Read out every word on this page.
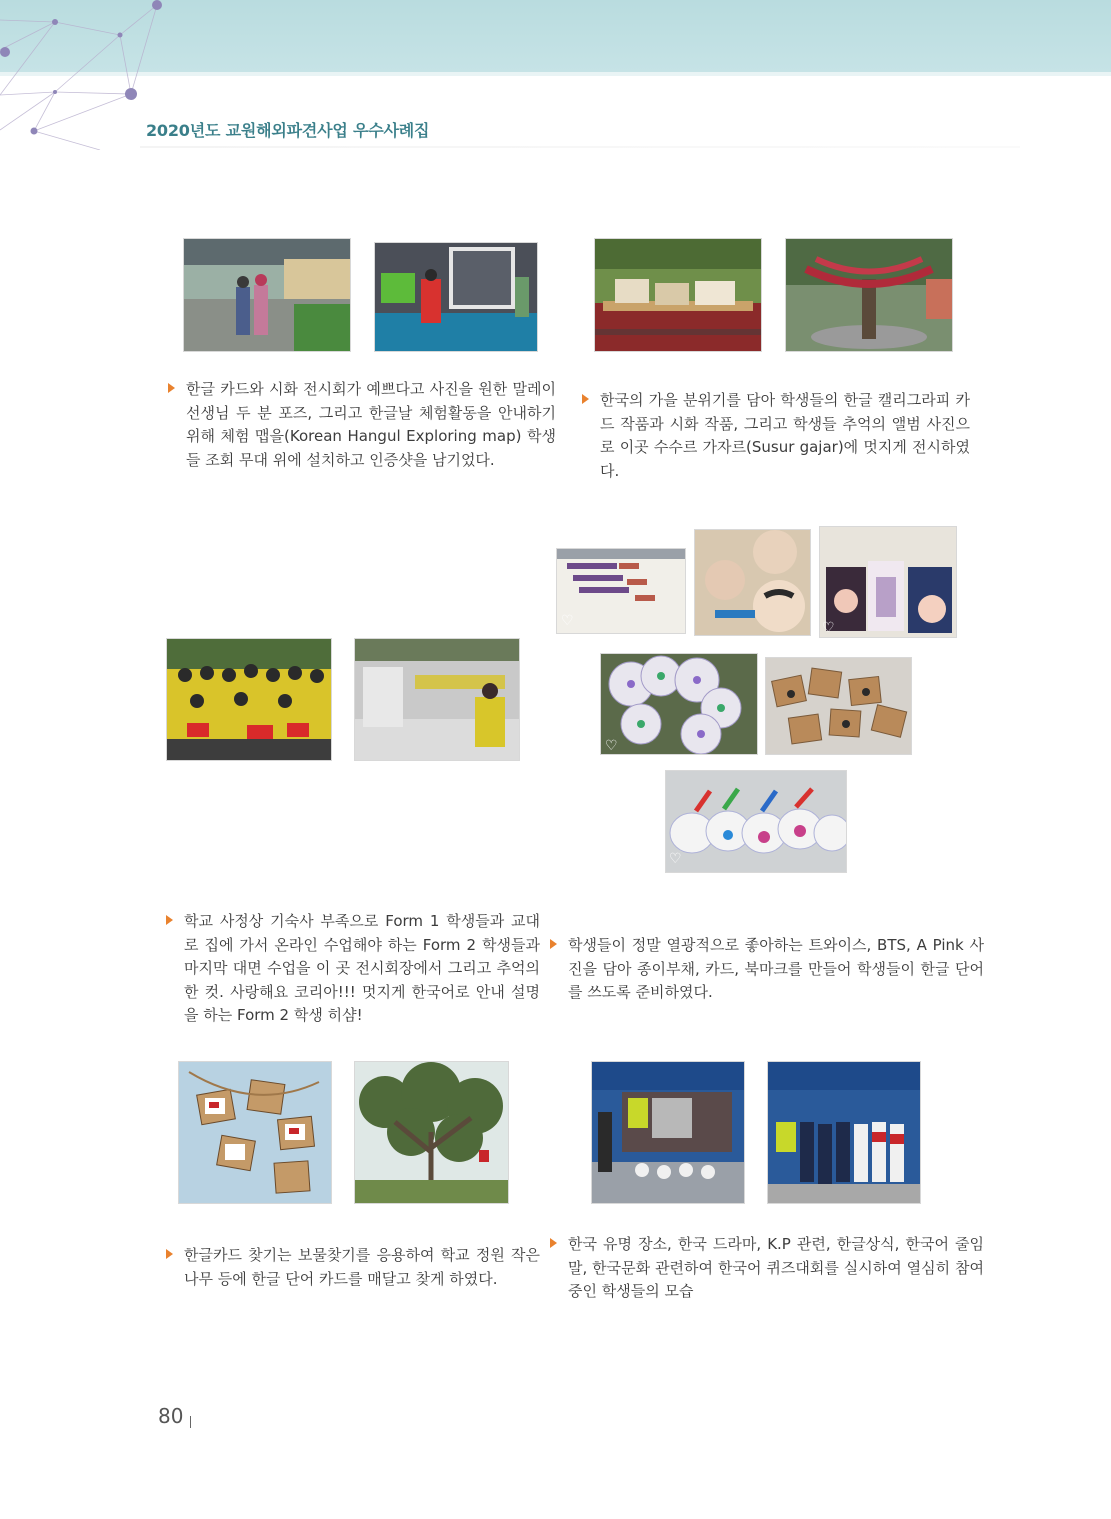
2020년도 교원해외파견사업 우수사례집
한글 카드와 시화 전시회가 예쁘다고 사진을 원한 말레이 선생님 두 분 포즈, 그리고 한글날 체험활동을 안내하기 위해 체험 맵을(Korean Hangul Exploring map) 학생들 조회 무대 위에 설치하고 인증샷을 남기었다.
한국의 가을 분위기를 담아 학생들의 한글 캘리그라피 카드 작품과 시화 작품, 그리고 학생들 추억의 앨범 사진으로 이곳 수수르 가자르(Susur gajar)에 멋지게 전시하였다.
♡	♡
♡
♡
학교 사정상 기숙사 부족으로 Form 1 학생들과 교대로 집에 가서 온라인 수업해야 하는 Form 2 학생들과 마지막 대면 수업을 이 곳 전시회장에서 그리고 추억의 한 컷. 사랑해요 코리아!!! 멋지게 한국어로 안내 설명을 하는 Form 2 학생 히샴!
학생들이 정말 열광적으로 좋아하는 트와이스, BTS, A Pink 사진을 담아 종이부채, 카드, 북마크를 만들어 학생들이 한글 단어를 쓰도록 준비하였다.
한글카드 찾기는 보물찾기를 응용하여 학교 정원 작은 나무 등에 한글 단어 카드를 매달고 찾게 하였다.
한국 유명 장소, 한국 드라마, K.P 관련, 한글상식, 한국어 줄임말, 한국문화 관련하여 한국어 퀴즈대회를 실시하여 열심히 참여 중인 학생들의 모습
80
